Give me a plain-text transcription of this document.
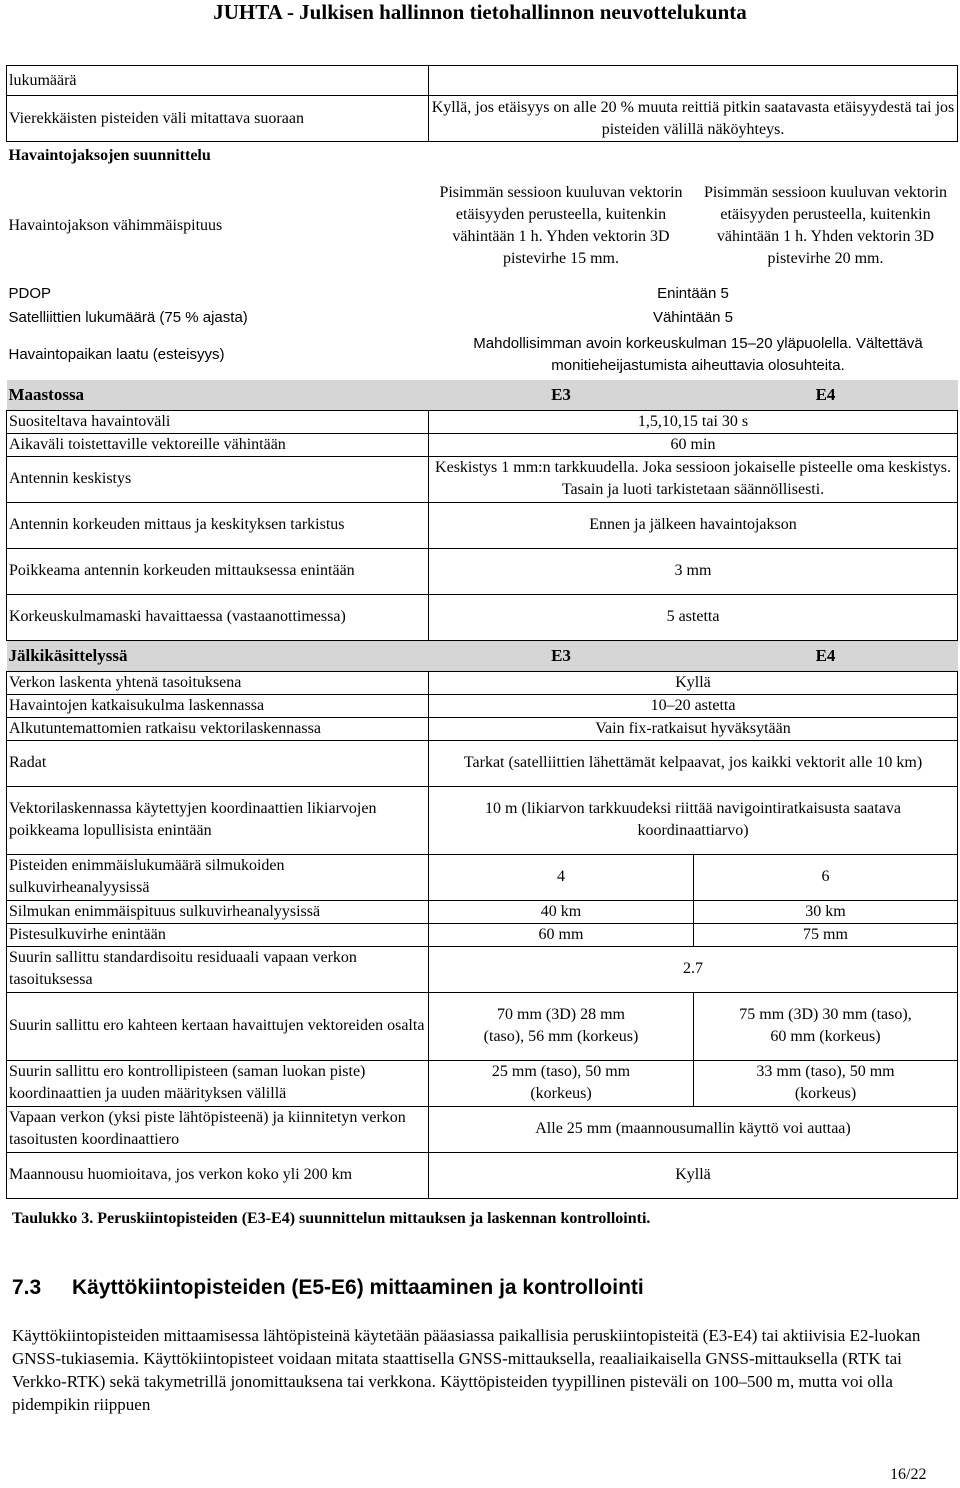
JUHTA - Julkisen hallinnon tietohallinnon neuvottelukunta
lukumäärä		
Vierekkäisten pisteiden väli mitattava suoraan	Kyllä, jos etäisyys on alle 20 % muuta reittiä pitkin saatavasta etäisyydestä tai jos pisteiden välillä näköyhteys.	
Havaintojaksojen suunnittelu		
Havaintojakson vähimmäispituus	Pisimmän sessioon kuuluvan vektorin etäisyyden perusteella, kuitenkin vähintään 1 h. Yhden vektorin 3D pistevirhe 15 mm.	Pisimmän sessioon kuuluvan vektorin etäisyyden perusteella, kuitenkin vähintään 1 h. Yhden vektorin 3D pistevirhe 20 mm.
PDOP	Enintään 5	
Satelliittien lukumäärä (75 % ajasta)	Vähintään 5	
Havaintopaikan laatu (esteisyys)	Mahdollisimman avoin korkeuskulman 15–20 yläpuolella. Vältettävä monitieheijastumista aiheuttavia olosuhteita.	
Maastossa	E3	E4
Suositeltava havaintoväli	1,5,10,15 tai 30 s	
Aikaväli toistettaville vektoreille vähintään	60 min	
Antennin keskistys	Keskistys 1 mm:n tarkkuudella. Joka sessioon jokaiselle pisteelle oma keskistys. Tasain ja luoti tarkistetaan säännöllisesti.	
Antennin korkeuden mittaus ja keskityksen tarkistus	Ennen ja jälkeen havaintojakson	
Poikkeama antennin korkeuden mittauksessa enintään	3 mm	
Korkeuskulmamaski havaittaessa (vastaanottimessa)	5 astetta	
Jälkikäsittelyssä	E3	E4
Verkon laskenta yhtenä tasoituksena	Kyllä	
Havaintojen katkaisukulma laskennassa	10–20 astetta	
Alkutuntemattomien ratkaisu vektorilaskennassa	Vain fix-ratkaisut hyväksytään	
Radat	Tarkat (satelliittien lähettämät kelpaavat, jos kaikki vektorit alle 10 km)	
Vektorilaskennassa käytettyjen koordinaattien likiarvojen poikkeama lopullisista enintään	10 m (likiarvon tarkkuudeksi riittää navigointiratkaisusta saatava koordinaattiarvo)	
Pisteiden enimmäislukumäärä silmukoiden sulkuvirheanalyysissä	4	6
Silmukan enimmäispituus sulkuvirheanalyysissä	40 km	30 km
Pistesulkuvirhe enintään	60 mm	75 mm
Suurin sallittu standardisoitu residuaali vapaan verkon tasoituksessa	2.7	
Suurin sallittu ero kahteen kertaan havaittujen vektoreiden osalta	70 mm (3D) 28 mm (taso), 56 mm (korkeus)	75 mm (3D) 30 mm (taso), 60 mm (korkeus)
Suurin sallittu ero kontrollipisteen (saman luokan piste) koordinaattien ja uuden määrityksen välillä	25 mm (taso), 50 mm (korkeus)	33 mm (taso), 50 mm (korkeus)
Vapaan verkon (yksi piste lähtöpisteenä) ja kiinnitetyn verkon tasoitusten koordinaattiero	Alle 25 mm (maannousumallin käyttö voi auttaa)	
Maannousu huomioitava, jos verkon koko yli 200 km	Kyllä	
Taulukko 3. Peruskiintopisteiden (E3-E4) suunnittelun mittauksen ja laskennan kontrollointi.
7.3 Käyttökiintopisteiden (E5-E6) mittaaminen ja kontrollointi
Käyttökiintopisteiden mittaamisessa lähtöpisteinä käytetään pääasiassa paikallisia peruskiintopisteitä (E3-E4) tai aktiivisia E2-luokan GNSS-tukiasemia. Käyttökiintopisteet voidaan mitata staattisella GNSS-mittauksella, reaaliaikaisella GNSS-mittauksella (RTK tai Verkko-RTK) sekä takymetrillä jonomittauksena tai verkkona. Käyttöpisteiden tyypillinen pisteväli on 100–500 m, mutta voi olla pidempikin riippuen
16/22
